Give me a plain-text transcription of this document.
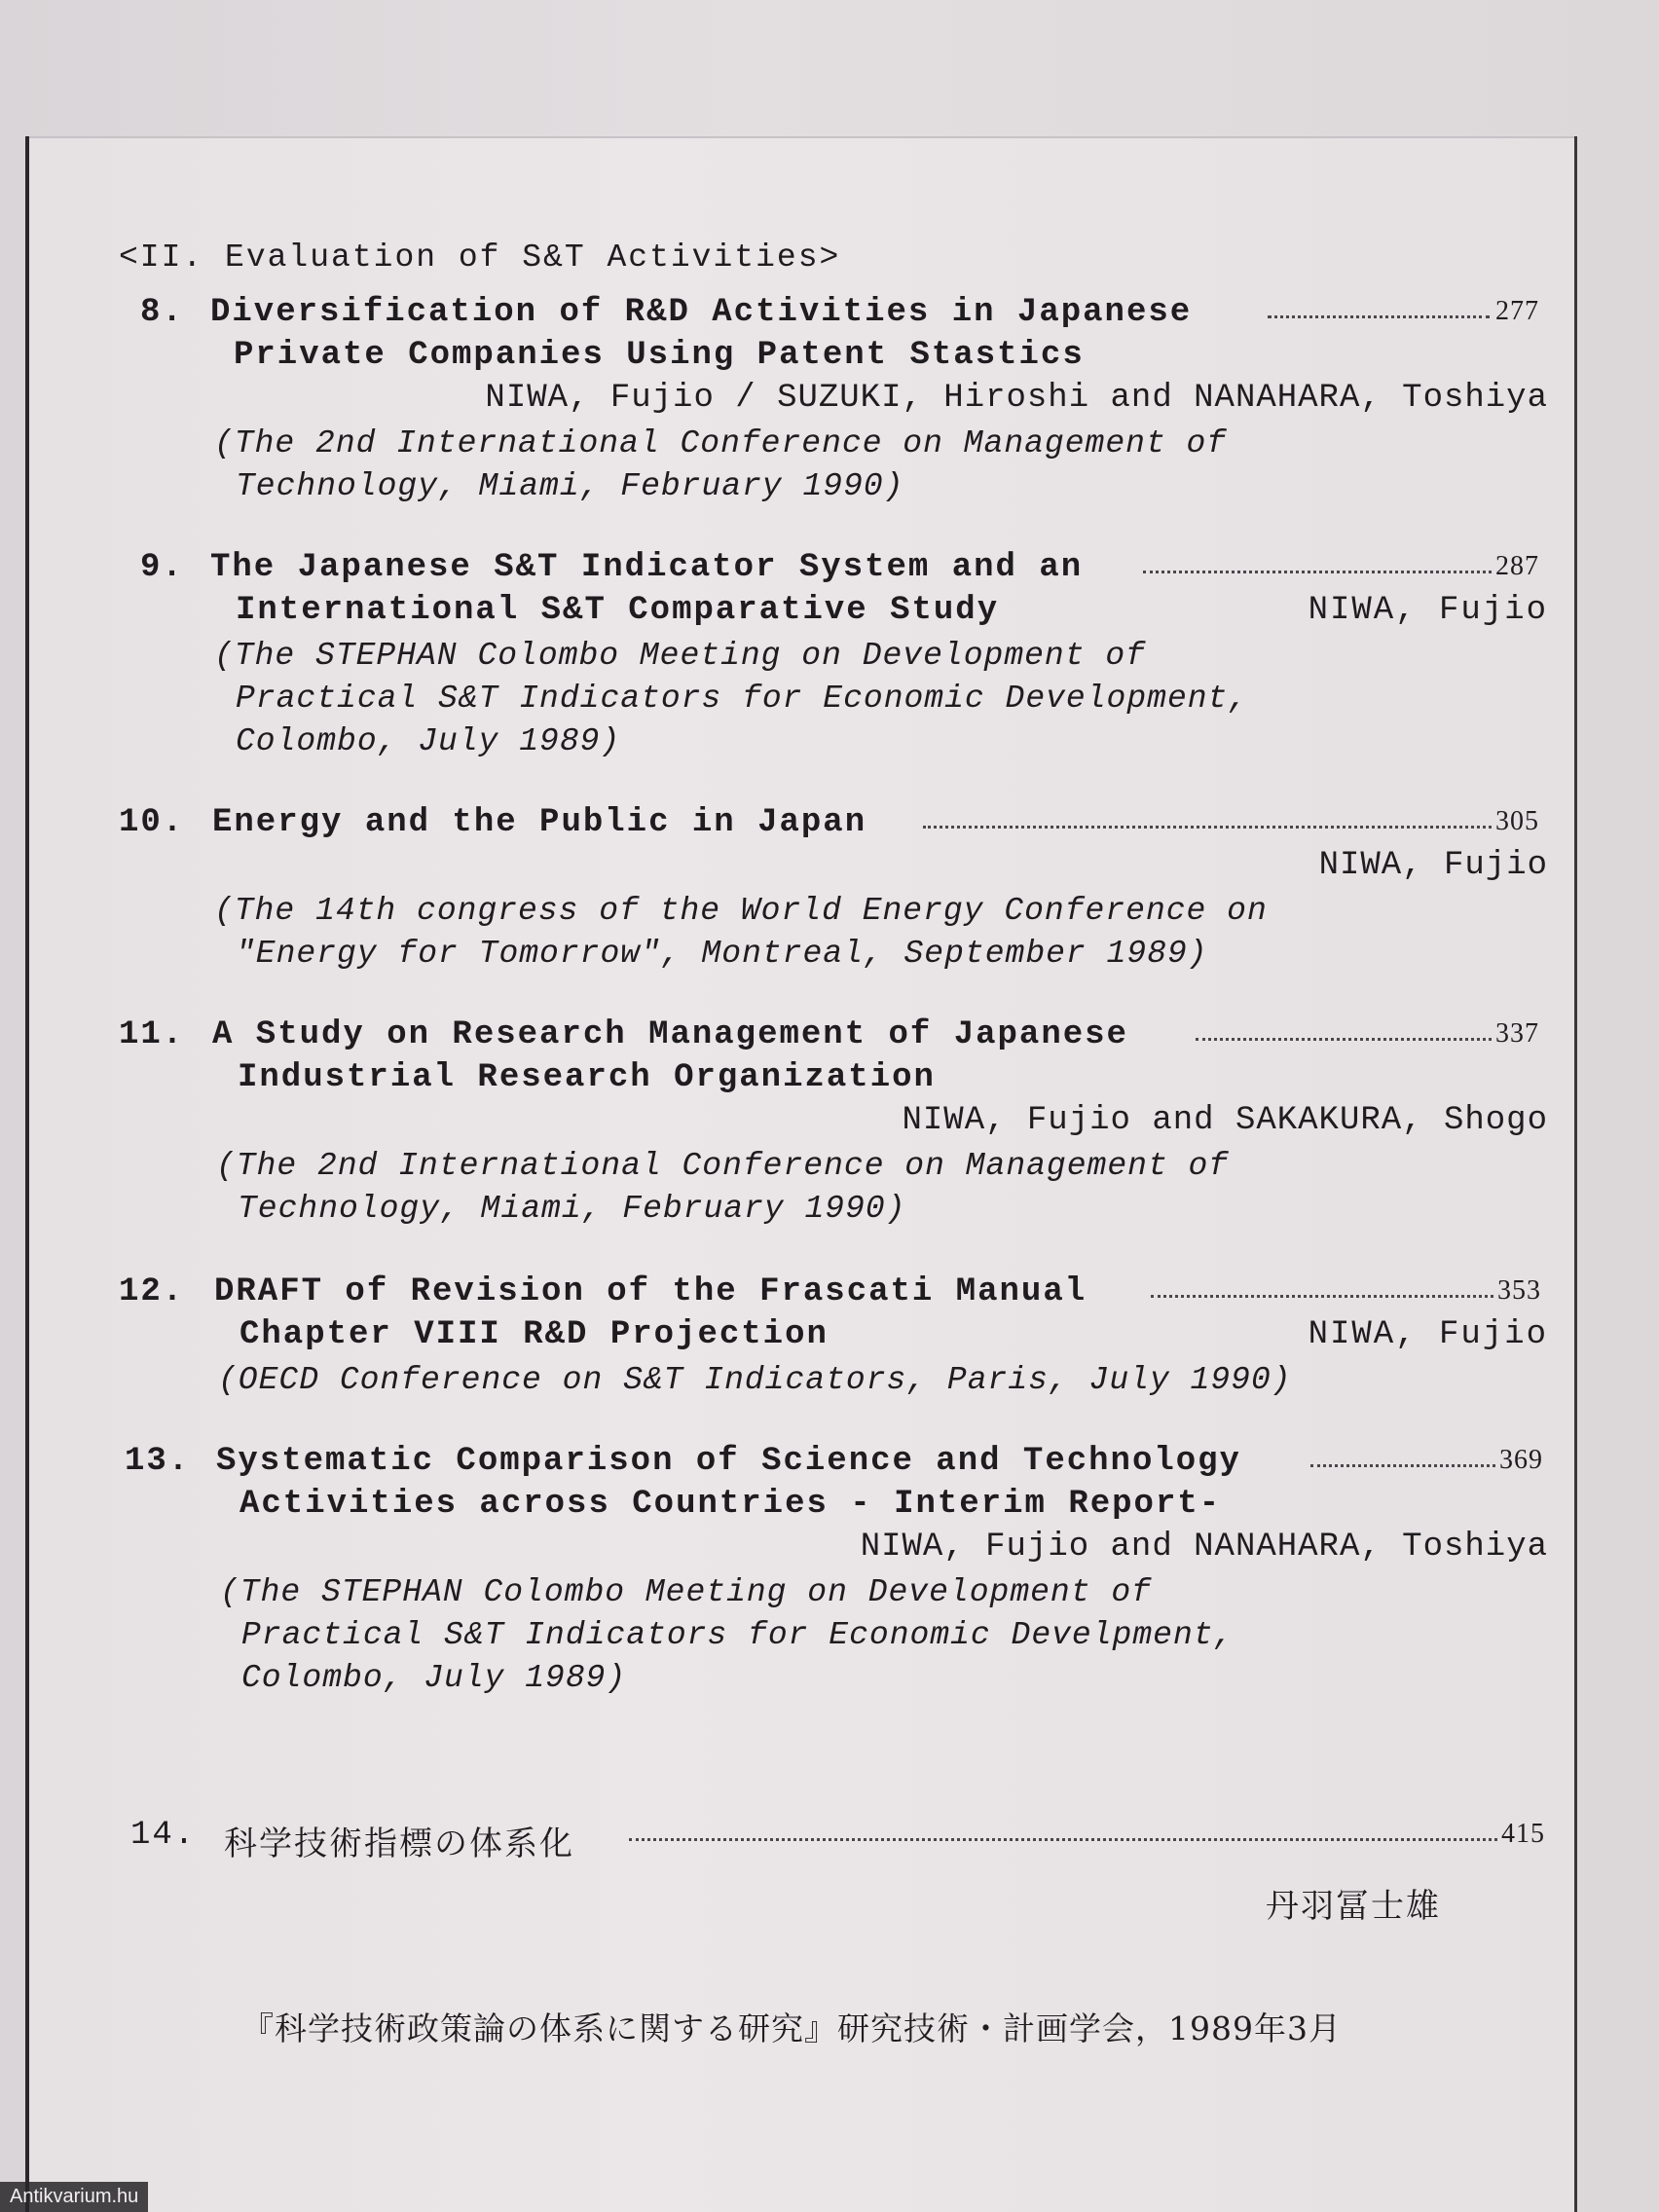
<II. Evaluation of S&T Activities>
8. Diversification of R&D Activities in Japanese	277
Private Companies Using Patent Stastics
NIWA, Fujio / SUZUKI, Hiroshi and NANAHARA, Toshiya
(The 2nd International Conference on Management of
Technology, Miami, February 1990)
9. The Japanese S&T Indicator System and an	287
International S&T Comparative Study	NIWA, Fujio
(The STEPHAN Colombo Meeting on Development of
Practical S&T Indicators for Economic Development,
Colombo, July 1989)
10. Energy and the Public in Japan	305
NIWA, Fujio
(The 14th congress of the World Energy Conference on
"Energy for Tomorrow", Montreal, September 1989)
11. A Study on Research Management of Japanese	337
Industrial Research Organization
NIWA, Fujio and SAKAKURA, Shogo
(The 2nd International Conference on Management of
Technology, Miami, February 1990)
12. DRAFT of Revision of the Frascati Manual	353
Chapter VIII R&D Projection	NIWA, Fujio
(OECD Conference on S&T Indicators, Paris, July 1990)
13. Systematic Comparison of Science and Technology	369
Activities across Countries - Interim Report-
NIWA, Fujio and NANAHARA, Toshiya
(The STEPHAN Colombo Meeting on Development of
Practical S&T Indicators for Economic Develpment,
Colombo, July 1989)
14. 科学技術指標の体系化	415
丹羽冨士雄
『科学技術政策論の体系に関する研究』研究技術・計画学会，1989年3月
Antikvarium.hu
